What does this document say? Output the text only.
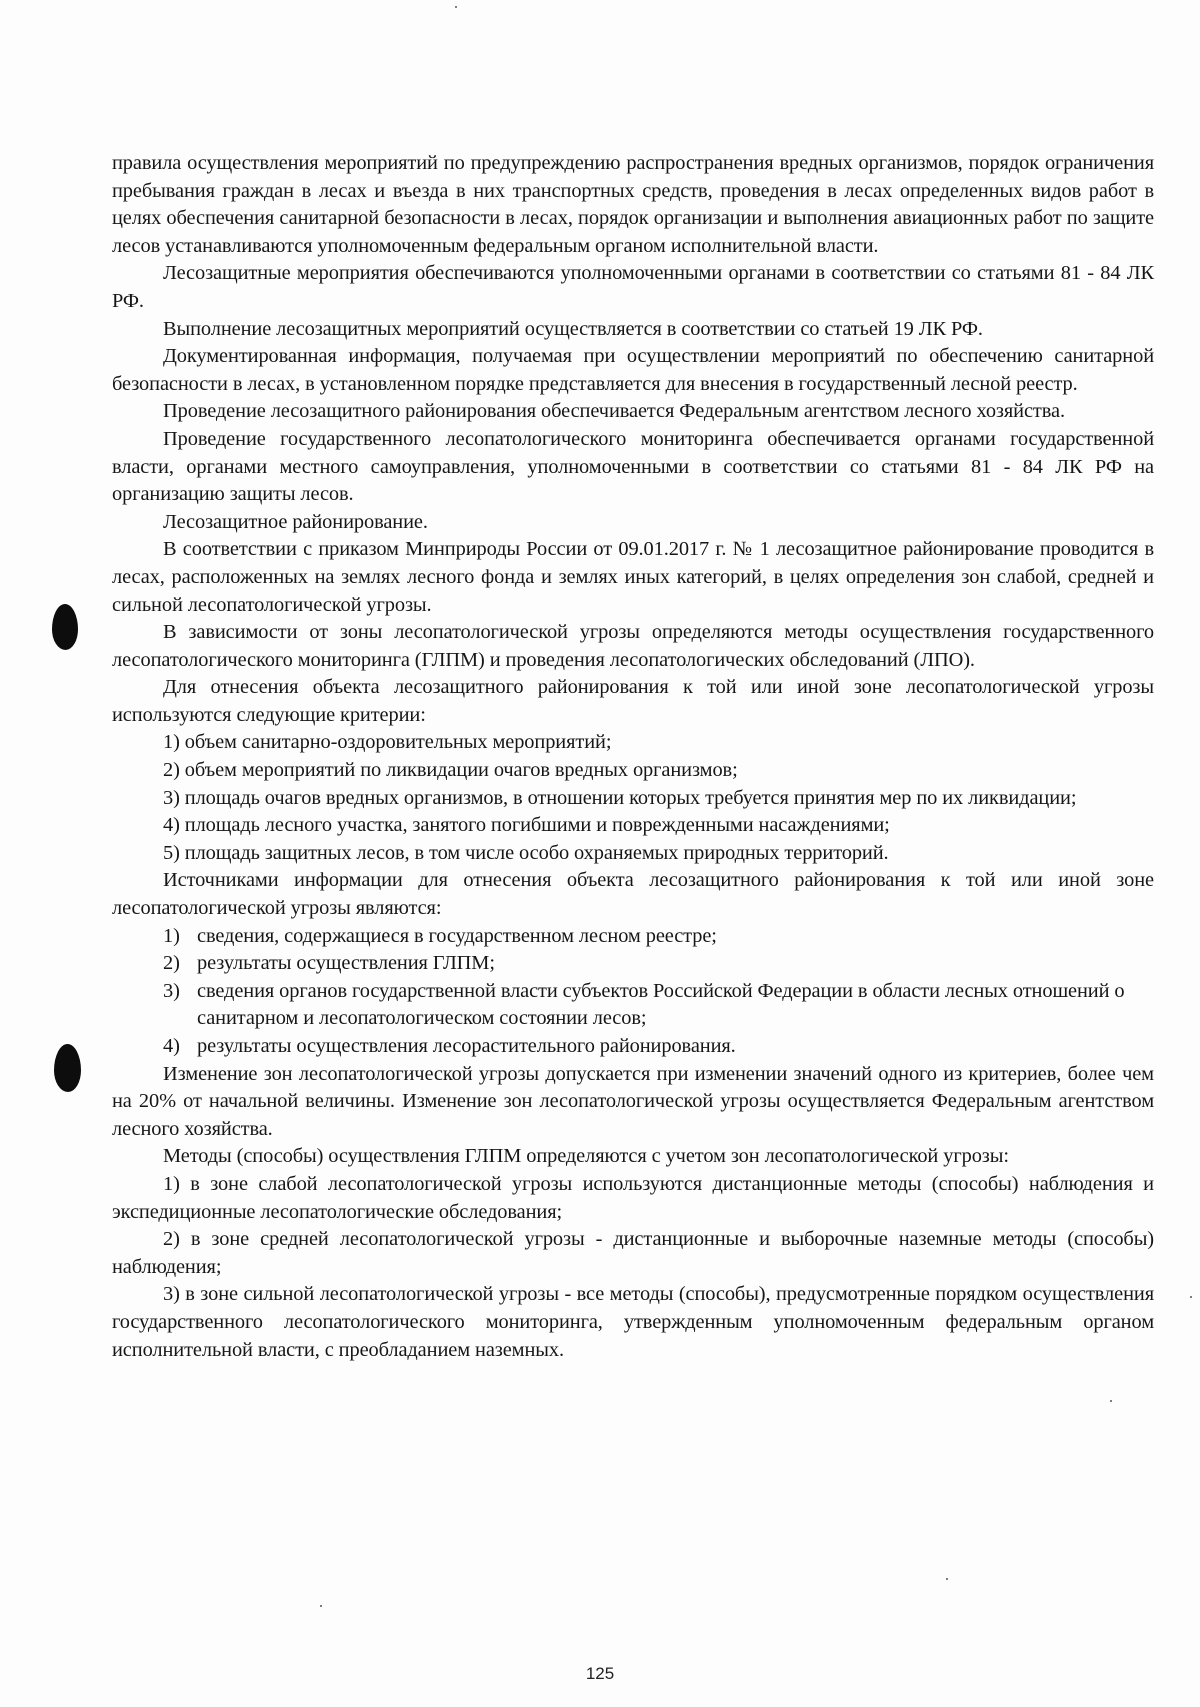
правила осуществления мероприятий по предупреждению распространения вредных организмов, порядок ограничения пребывания граждан в лесах и въезда в них транспортных средств, проведения в лесах определенных видов работ в целях обеспечения санитарной безопасности в лесах, порядок организации и выполнения авиационных работ по защите лесов устанавливаются уполномоченным федеральным органом исполнительной власти.

Лесозащитные мероприятия обеспечиваются уполномоченными органами в соответствии со статьями 81 - 84 ЛК РФ.

Выполнение лесозащитных мероприятий осуществляется в соответствии со статьей 19 ЛК РФ.

Документированная информация, получаемая при осуществлении мероприятий по обеспечению санитарной безопасности в лесах, в установленном порядке представляется для внесения в государственный лесной реестр.

Проведение лесозащитного районирования обеспечивается Федеральным агентством лесного хозяйства.

Проведение государственного лесопатологического мониторинга обеспечивается органами государственной власти, органами местного самоуправления, уполномоченными в соответствии со статьями 81 - 84 ЛК РФ на организацию защиты лесов.

Лесозащитное районирование.

В соответствии с приказом Минприроды России от 09.01.2017 г. № 1 лесозащитное районирование проводится в лесах, расположенных на землях лесного фонда и землях иных категорий, в целях определения зон слабой, средней и сильной лесопатологической угрозы.

В зависимости от зоны лесопатологической угрозы определяются методы осуществления государственного лесопатологического мониторинга (ГЛПМ) и проведения лесопатологических обследований (ЛПО).

Для отнесения объекта лесозащитного районирования к той или иной зоне лесопатологической угрозы используются следующие критерии:

1) объем санитарно-оздоровительных мероприятий;

2) объем мероприятий по ликвидации очагов вредных организмов;

3) площадь очагов вредных организмов, в отношении которых требуется принятия мер по их ликвидации;

4) площадь лесного участка, занятого погибшими и поврежденными насаждениями;

5) площадь защитных лесов, в том числе особо охраняемых природных территорий.

Источниками информации для отнесения объекта лесозащитного районирования к той или иной зоне лесопатологической угрозы являются:

1) сведения, содержащиеся в государственном лесном реестре;
2) результаты осуществления ГЛПМ;
3) сведения органов государственной власти субъектов Российской Федерации в области лесных отношений о санитарном и лесопатологическом состоянии лесов;
4) результаты осуществления лесорастительного районирования.

Изменение зон лесопатологической угрозы допускается при изменении значений одного из критериев, более чем на 20% от начальной величины. Изменение зон лесопатологической угрозы осуществляется Федеральным агентством лесного хозяйства.

Методы (способы) осуществления ГЛПМ определяются с учетом зон лесопатологической угрозы:

1) в зоне слабой лесопатологической угрозы используются дистанционные методы (способы) наблюдения и экспедиционные лесопатологические обследования;

2) в зоне средней лесопатологической угрозы - дистанционные и выборочные наземные методы (способы) наблюдения;

3) в зоне сильной лесопатологической угрозы - все методы (способы), предусмотренные порядком осуществления государственного лесопатологического мониторинга, утвержденным уполномоченным федеральным органом исполнительной власти, с преобладанием наземных.

125
